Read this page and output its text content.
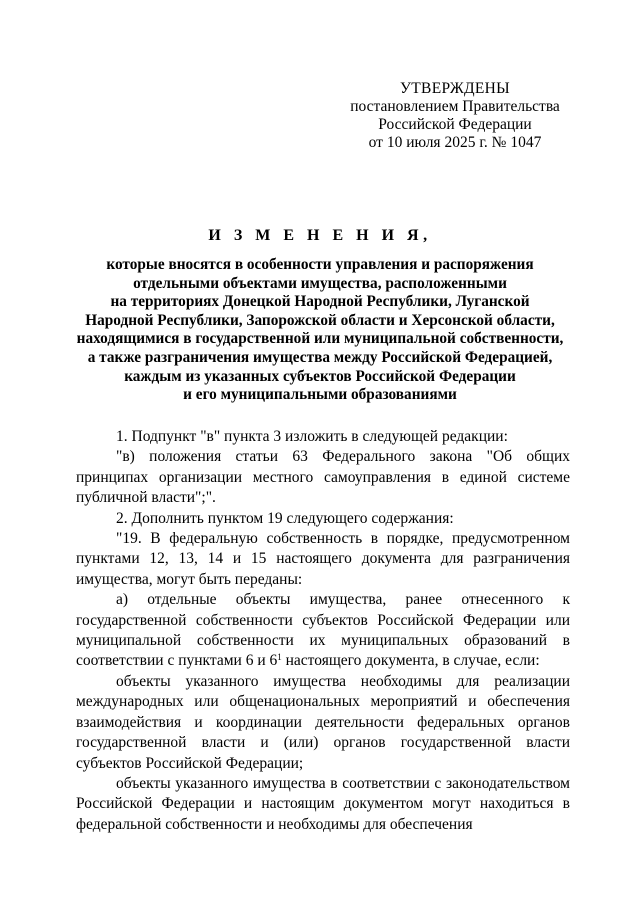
УТВЕРЖДЕНЫ
постановлением Правительства
Российской Федерации
от 10 июля 2025 г. № 1047
И З М Е Н Е Н И Я,
которые вносятся в особенности управления и распоряжения
отдельными объектами имущества, расположенными
на территориях Донецкой Народной Республики, Луганской
Народной Республики, Запорожской области и Херсонской области,
находящимися в государственной или муниципальной собственности,
а также разграничения имущества между Российской Федерацией,
каждым из указанных субъектов Российской Федерации
и его муниципальными образованиями

1. Подпункт "в" пункта 3 изложить в следующей редакции:

"в) положения статьи 63 Федерального закона "Об общих принципах организации местного самоуправления в единой системе публичной власти";".

2. Дополнить пунктом 19 следующего содержания:

"19. В федеральную собственность в порядке, предусмотренном пунктами 12, 13, 14 и 15 настоящего документа для разграничения имущества, могут быть переданы:

а) отдельные объекты имущества, ранее отнесенного к государственной собственности субъектов Российской Федерации или муниципальной собственности их муниципальных образований в соответствии с пунктами 6 и $6^1$ настоящего документа, в случае, если:

объекты указанного имущества необходимы для реализации международных или общенациональных мероприятий и обеспечения взаимодействия и координации деятельности федеральных органов государственной власти и (или) органов государственной власти субъектов Российской Федерации;

объекты указанного имущества в соответствии с законодательством Российской Федерации и настоящим документом могут находиться в федеральной собственности и необходимы для обеспечения
